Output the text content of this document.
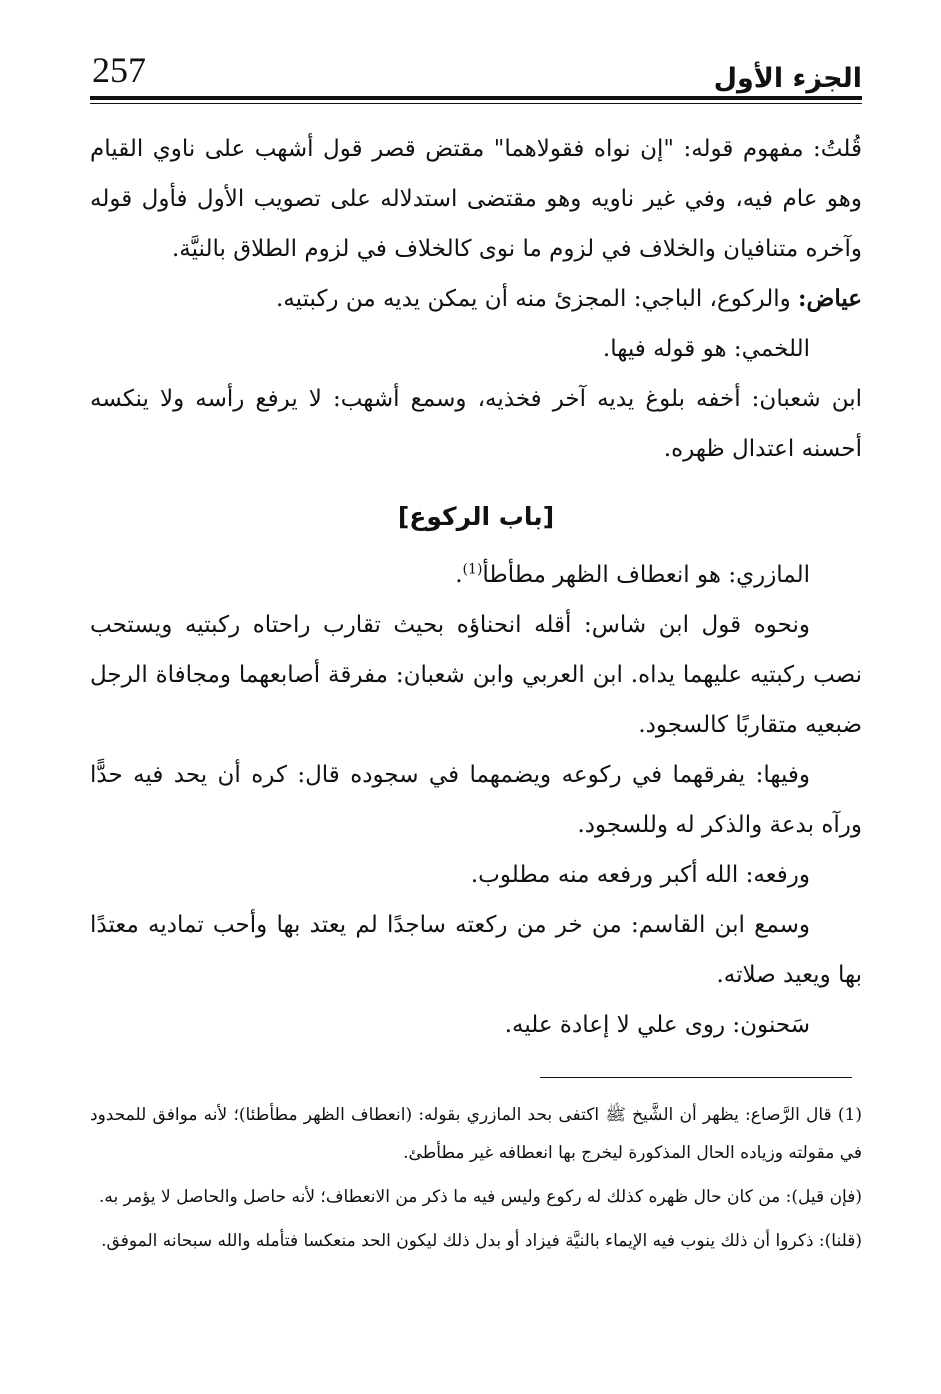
257	الجزء الأول

قُلتُ: مفهوم قوله: "إن نواه فقولاهما" مقتض قصر قول أشهب على ناوي القيام وهو عام فيه، وفي غير ناويه وهو مقتضى استدلاله على تصويب الأول فأول قوله وآخره متنافيان والخلاف في لزوم ما نوى كالخلاف في لزوم الطلاق بالنيَّة.

عياض: والركوع، الباجي: المجزئ منه أن يمكن يديه من ركبتيه.

اللخمي: هو قوله فيها.

ابن شعبان: أخفه بلوغ يديه آخر فخذيه، وسمع أشهب: لا يرفع رأسه ولا ينكسه أحسنه اعتدال ظهره.

[باب الركوع]

المازري: هو انعطاف الظهر مطأطأ$^{(1)}$.

ونحوه قول ابن شاس: أقله انحناؤه بحيث تقارب راحتاه ركبتيه ويستحب نصب ركبتيه عليهما يداه. ابن العربي وابن شعبان: مفرقة أصابعهما ومجافاة الرجل ضبعيه متقاربًا كالسجود.

وفيها: يفرقهما في ركوعه ويضمهما في سجوده قال: كره أن يحد فيه حدًّا ورآه بدعة والذكر له وللسجود.

ورفعه: الله أكبر ورفعه منه مطلوب.

وسمع ابن القاسم: من خر من ركعته ساجدًا لم يعتد بها وأحب تماديه معتدًا بها ويعيد صلاته.

سَحنون: روى علي لا إعادة عليه.

(1) قال الرَّصاع: يظهر أن الشَّيخ ﷺ اكتفى بحد المازري بقوله: (انعطاف الظهر مطأطئا)؛ لأنه موافق للمحدود في مقولته وزياده الحال المذكورة ليخرج بها انعطافه غير مطأطئ.

(فإن قيل): من كان حال ظهره كذلك له ركوع وليس فيه ما ذكر من الانعطاف؛ لأنه حاصل والحاصل لا يؤمر به.

(قلنا): ذكروا أن ذلك ينوب فيه الإيماء بالنيَّة فيزاد أو بدل ذلك ليكون الحد منعكسا فتأمله والله سبحانه الموفق.
